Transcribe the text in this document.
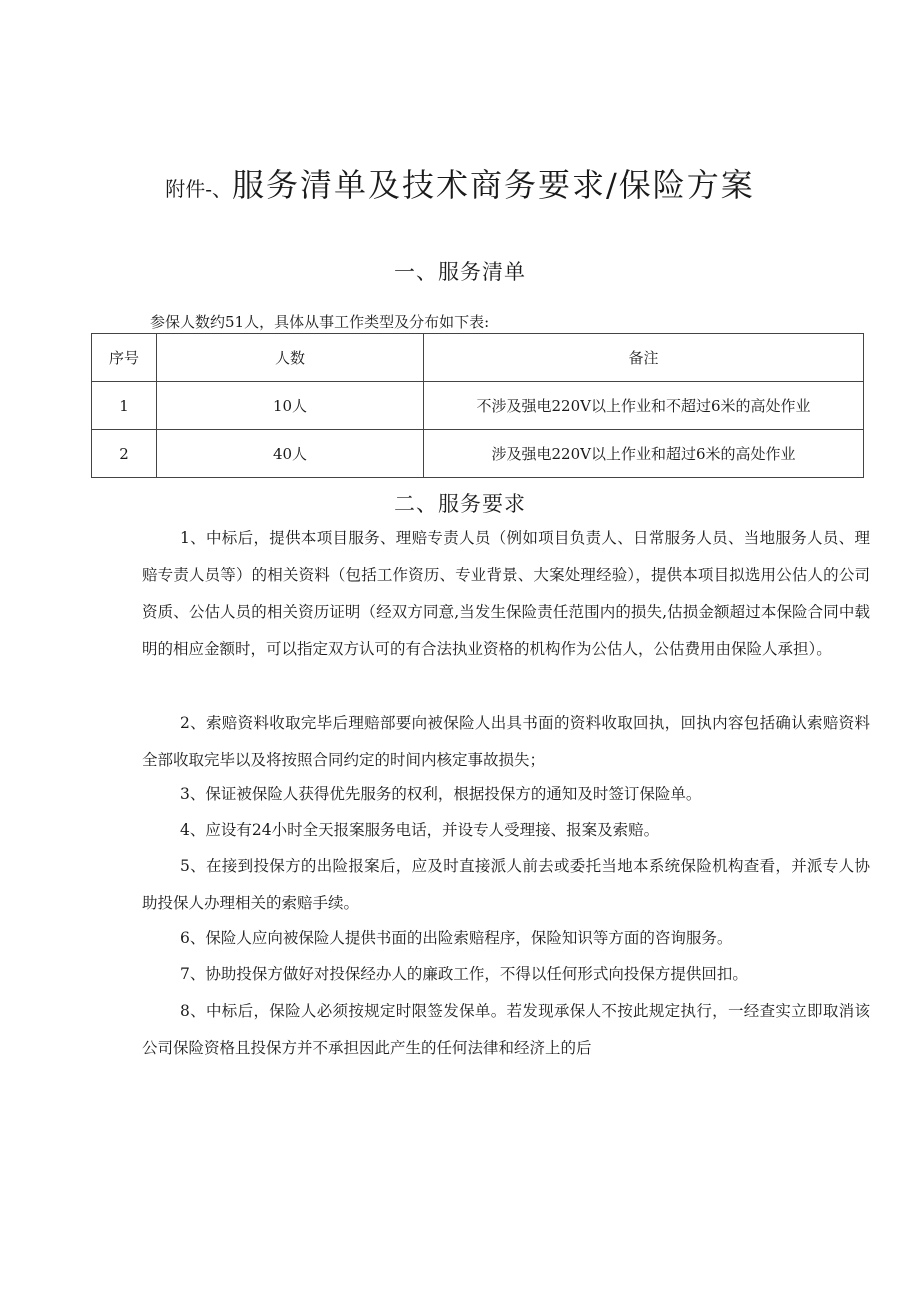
附件-、服务清单及技术商务要求/保险方案
一、服务清单
参保人数约51人，具体从事工作类型及分布如下表:
序号	人数	备注
1	10人	不涉及强电220V以上作业和不超过6米的高处作业
2	40人	涉及强电220V以上作业和超过6米的高处作业
二、服务要求

1、中标后，提供本项目服务、理赔专责人员（例如项目负责人、日常服务人员、当地服务人员、理赔专责人员等）的相关资料（包括工作资历、专业背景、大案处理经验），提供本项目拟选用公估人的公司资质、公估人员的相关资历证明（经双方同意,当发生保险责任范围内的损失,估损金额超过本保险合同中载明的相应金额时，可以指定双方认可的有合法执业资格的机构作为公估人，公估费用由保险人承担）。

2、索赔资料收取完毕后理赔部要向被保险人出具书面的资料收取回执，回执内容包括确认索赔资料全部收取完毕以及将按照合同约定的时间内核定事故损失；

3、保证被保险人获得优先服务的权利，根据投保方的通知及时签订保险单。

4、应设有24小时全天报案服务电话，并设专人受理接、报案及索赔。

5、在接到投保方的出险报案后，应及时直接派人前去或委托当地本系统保险机构查看，并派专人协助投保人办理相关的索赔手续。

6、保险人应向被保险人提供书面的出险索赔程序，保险知识等方面的咨询服务。

7、协助投保方做好对投保经办人的廉政工作，不得以任何形式向投保方提供回扣。

8、中标后，保险人必须按规定时限签发保单。若发现承保人不按此规定执行，一经查实立即取消该公司保险资格且投保方并不承担因此产生的任何法律和经济上的后
